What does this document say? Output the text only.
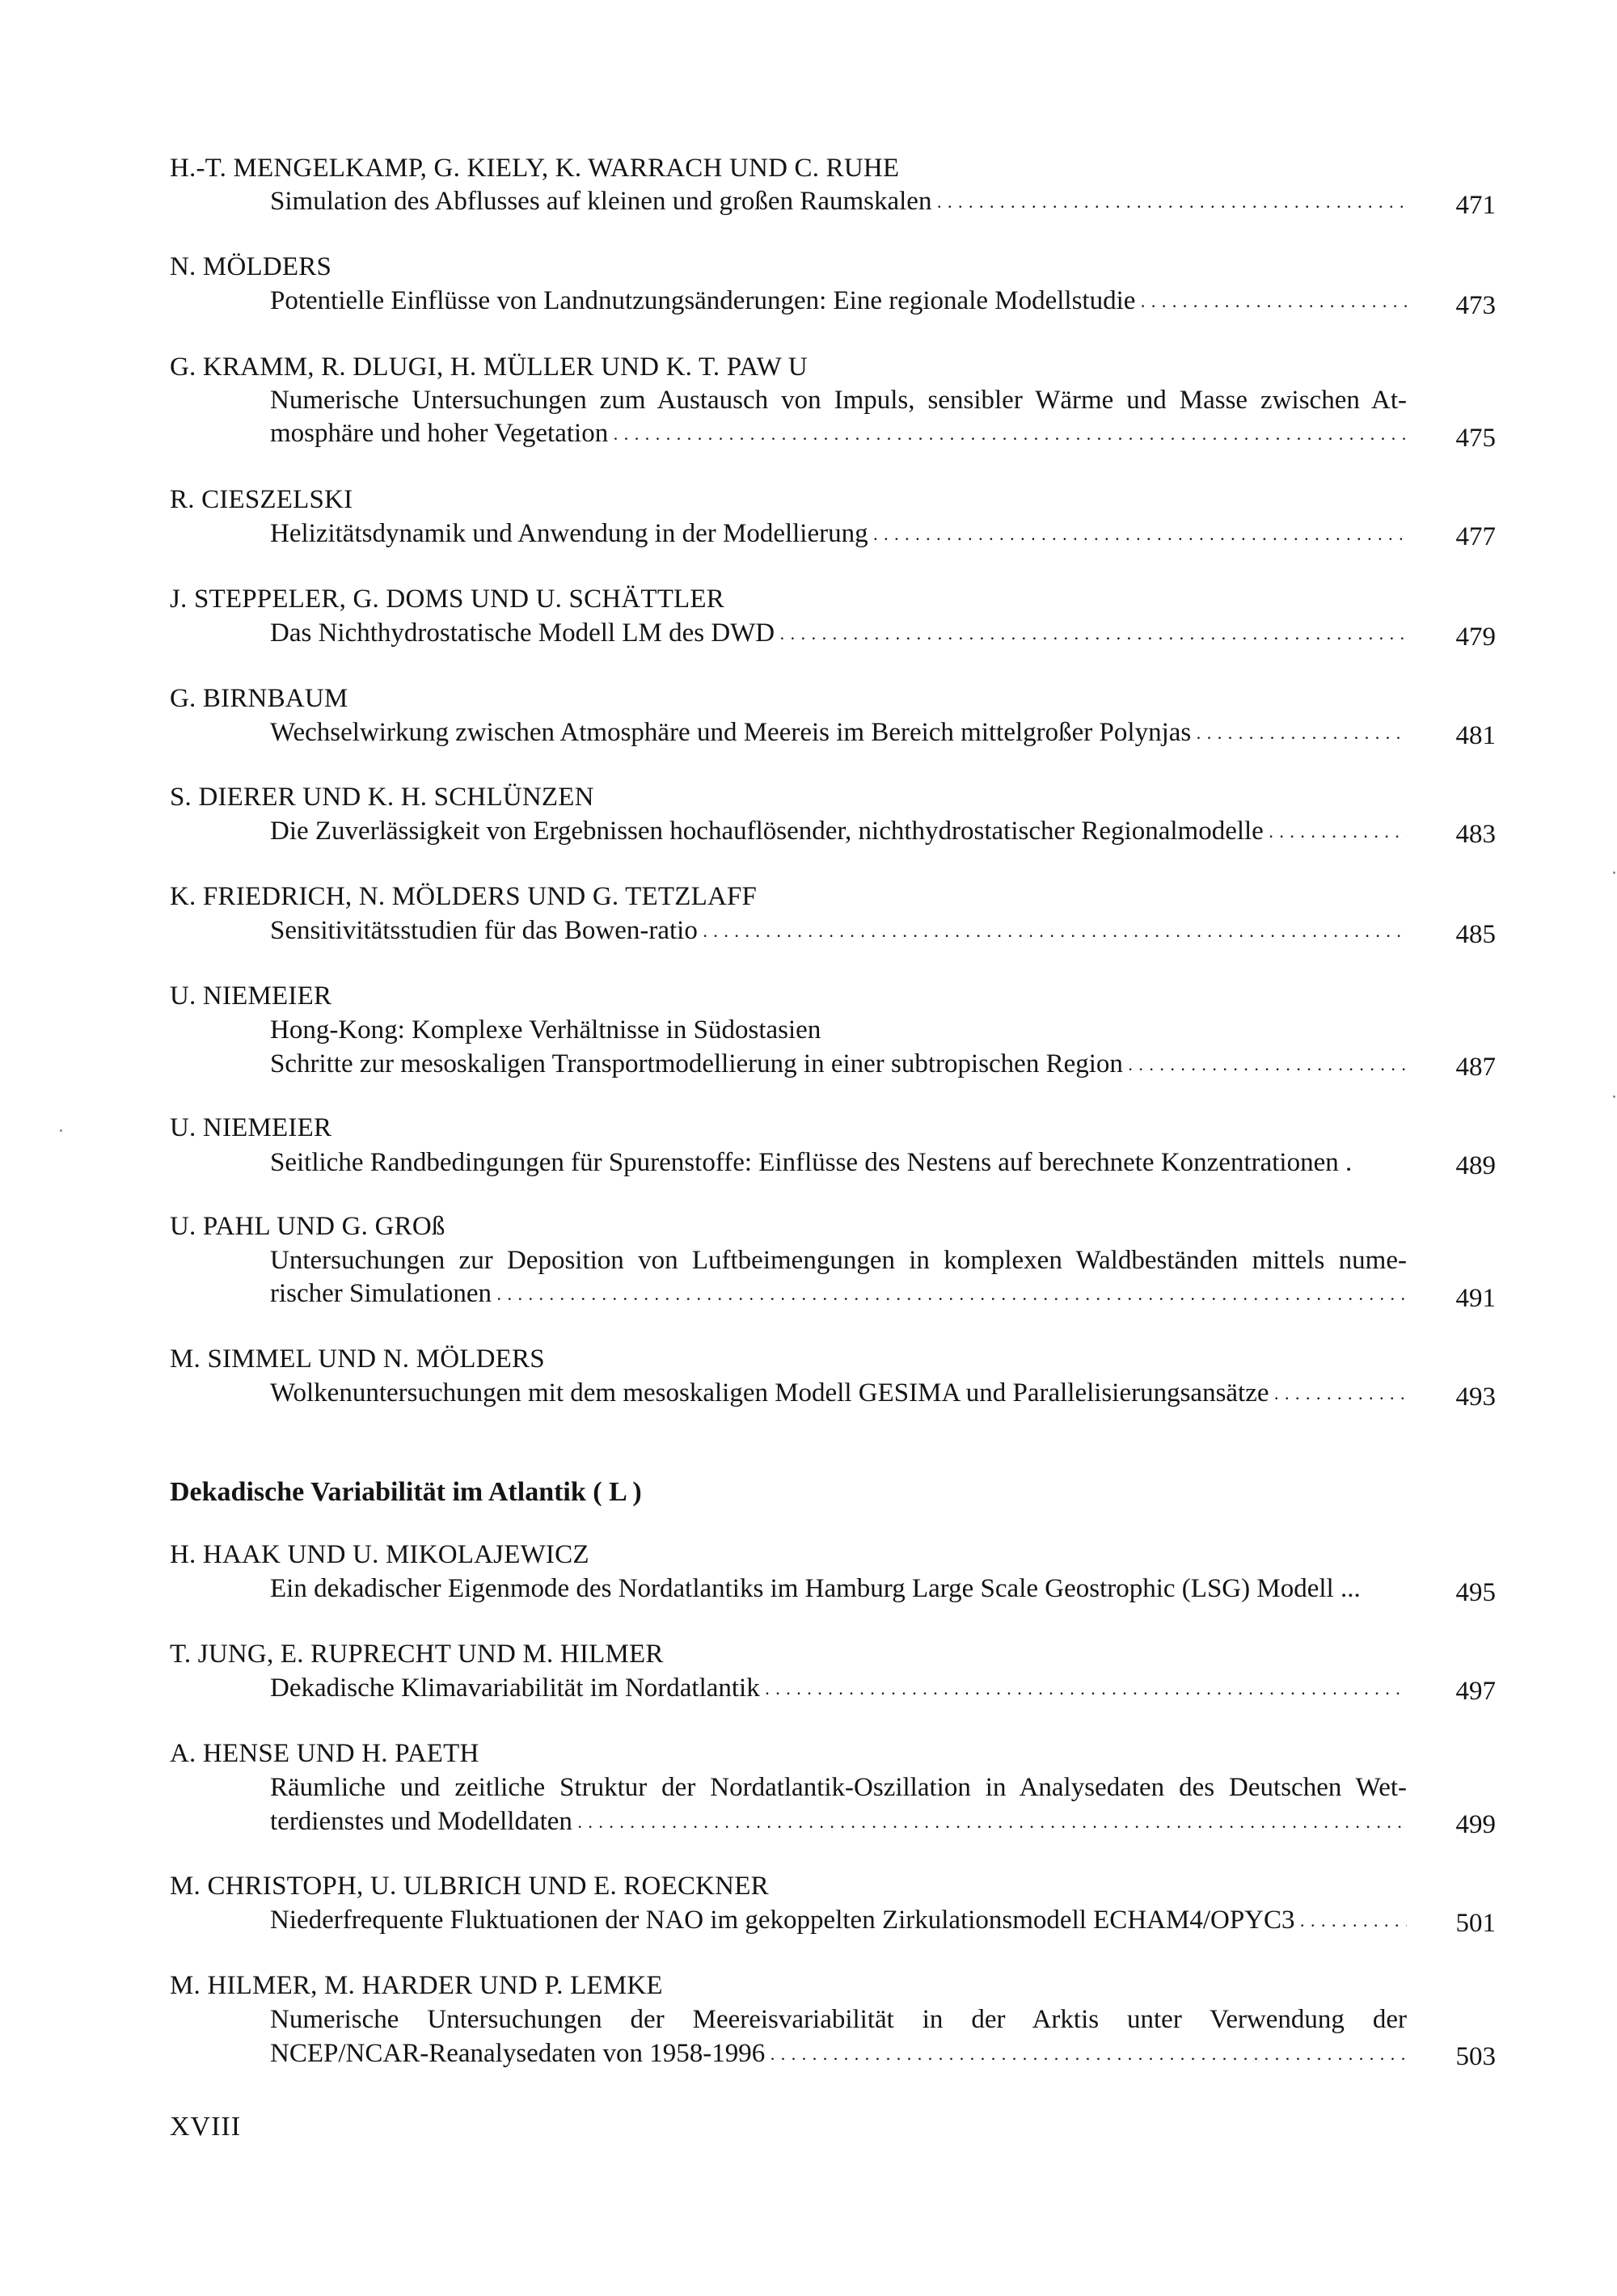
H.-T. MENGELKAMP, G. KIELY, K. WARRACH UND C. RUHE
Simulation des Abflusses auf kleinen und großen Raumskalen . . .	471
N. MÖLDERS
Potentielle Einflüsse von Landnutzungsänderungen: Eine regionale Modellstudie . . .	473
G. KRAMM, R. DLUGI, H. MÜLLER UND K. T. PAW U
Numerische Untersuchungen zum Austausch von Impuls, sensibler Wärme und Masse zwischen At-
mosphäre und hoher Vegetation . . .	475
R. CIESZELSKI
Helizitätsdynamik und Anwendung in der Modellierung . . .	477
J. STEPPELER, G. DOMS UND U. SCHÄTTLER
Das Nichthydrostatische Modell LM des DWD . . .	479
G. BIRNBAUM
Wechselwirkung zwischen Atmosphäre und Meereis im Bereich mittelgroßer Polynjas . . .	481
S. DIERER UND K. H. SCHLÜNZEN
Die Zuverlässigkeit von Ergebnissen hochauflösender, nichthydrostatischer Regionalmodelle . . .	483
K. FRIEDRICH, N. MÖLDERS UND G. TETZLAFF
Sensitivitätsstudien für das Bowen-ratio . . .	485
U. NIEMEIER
Hong-Kong: Komplexe Verhältnisse in Südostasien
Schritte zur mesoskaligen Transportmodellierung in einer subtropischen Region . . .	487
U. NIEMEIER
Seitliche Randbedingungen für Spurenstoffe: Einflüsse des Nestens auf berechnete Konzentrationen .	489
U. PAHL UND G. GROß
Untersuchungen zur Deposition von Luftbeimengungen in komplexen Waldbeständen mittels nume-
rischer Simulationen . . .	491
M. SIMMEL UND N. MÖLDERS
Wolkenuntersuchungen mit dem mesoskaligen Modell GESIMA und Parallelisierungsansätze . . .	493
Dekadische Variabilität im Atlantik ( L )
H. HAAK UND U. MIKOLAJEWICZ
Ein dekadischer Eigenmode des Nordatlantiks im Hamburg Large Scale Geostrophic (LSG) Modell ...	495
T. JUNG, E. RUPRECHT UND M. HILMER
Dekadische Klimavariabilität im Nordatlantik . . .	497
A. HENSE UND H. PAETH
Räumliche und zeitliche Struktur der Nordatlantik-Oszillation in Analysedaten des Deutschen Wet-
terdienstes und Modelldaten . . .	499
M. CHRISTOPH, U. ULBRICH UND E. ROECKNER
Niederfrequente Fluktuationen der NAO im gekoppelten Zirkulationsmodell ECHAM4/OPYC3 . . .	501
M. HILMER, M. HARDER UND P. LEMKE
Numerische Untersuchungen der Meereisvariabilität in der Arktis unter Verwendung der
NCEP/NCAR-Reanalysedaten von 1958-1996 . . .	503
XVIII
